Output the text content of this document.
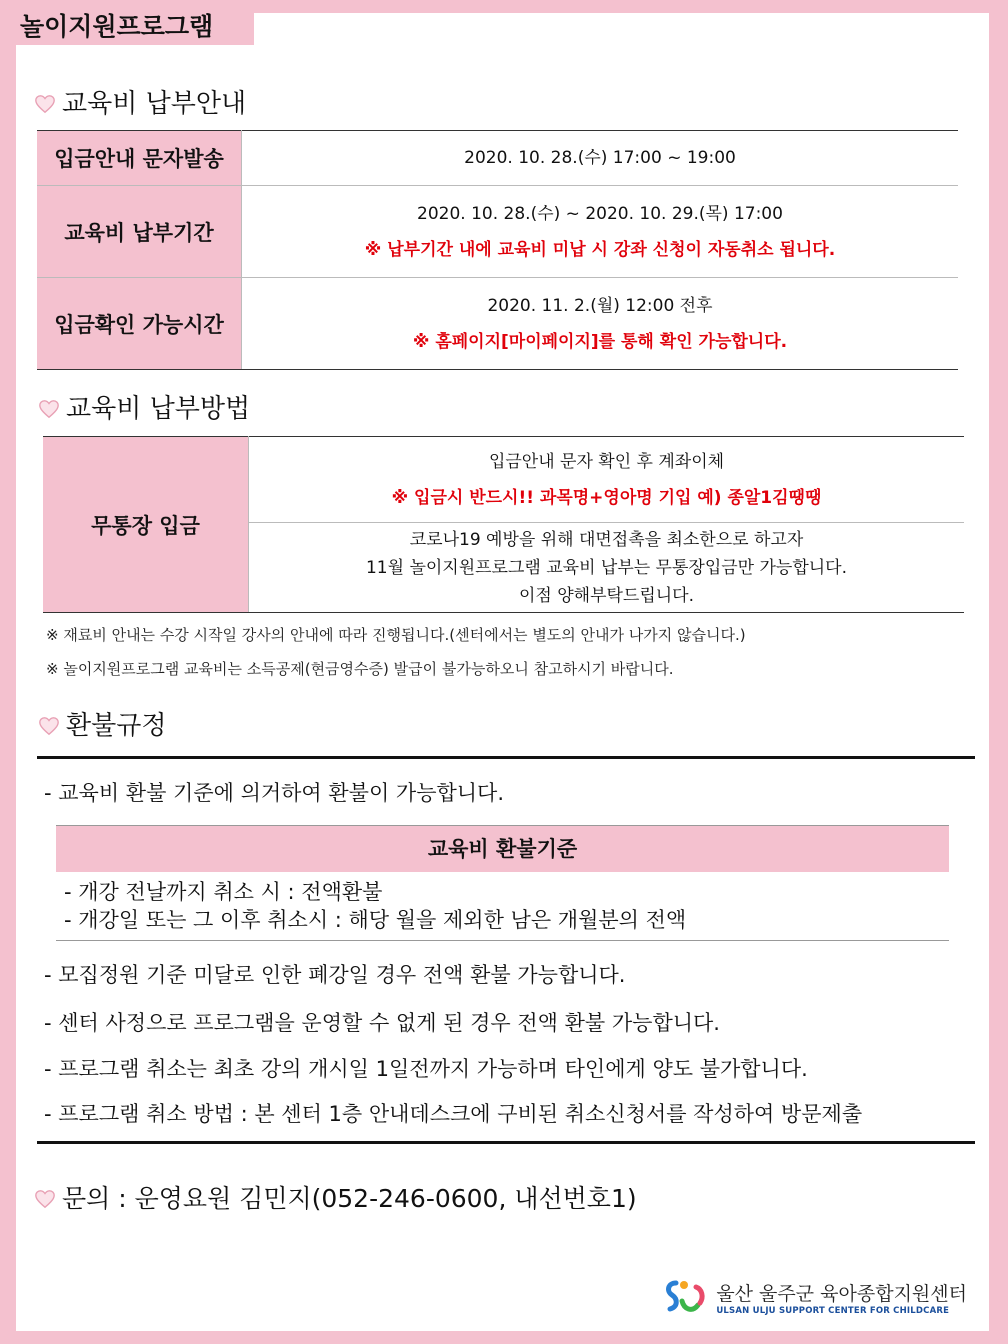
놀이지원프로그램
교육비 납부안내
입금안내 문자발송	2020. 10. 28.(수) 17:00 ~ 19:00

교육비 납부기간	2020. 10. 28.(수) ~ 2020. 10. 29.(목) 17:00
※ 납부기간 내에 교육비 미납 시 강좌 신청이 자동취소 됩니다.

입금확인 가능시간	2020. 11. 2.(월) 12:00 전후
※ 홈페이지[마이페이지]를 통해 확인 가능합니다.
교육비 납부방법
무통장 입금	
입금안내 문자 확인 후 계좌이체
※ 입금시 반드시!! 과목명+영아명 기입 예) 종알1김땡땡

코로나19 예방을 위해 대면접촉을 최소한으로 하고자
11월 놀이지원프로그램 교육비 납부는 무통장입금만 가능합니다.
이점 양해부탁드립니다.
※ 재료비 안내는 수강 시작일 강사의 안내에 따라 진행됩니다.(센터에서는 별도의 안내가 나가지 않습니다.)
※ 놀이지원프로그램 교육비는 소득공제(현금영수증) 발급이 불가능하오니 참고하시기 바랍니다.
환불규정
- 교육비 환불 기준에 의거하여 환불이 가능합니다.
교육비 환불기준
- 개강 전날까지 취소 시 : 전액환불
- 개강일 또는 그 이후 취소시 : 해당 월을 제외한 남은 개월분의 전액
- 모집정원 기준 미달로 인한 폐강일 경우 전액 환불 가능합니다.
- 센터 사정으로 프로그램을 운영할 수 없게 된 경우 전액 환불 가능합니다.
- 프로그램 취소는 최초 강의 개시일 1일전까지 가능하며 타인에게 양도 불가합니다.
- 프로그램 취소 방법 : 본 센터 1층 안내데스크에 구비된 취소신청서를 작성하여 방문제출
문의 : 운영요원 김민지(052-246-0600, 내선번호1)
울산 울주군 육아종합지원센터
ULSAN ULJU SUPPORT CENTER FOR CHILDCARE
